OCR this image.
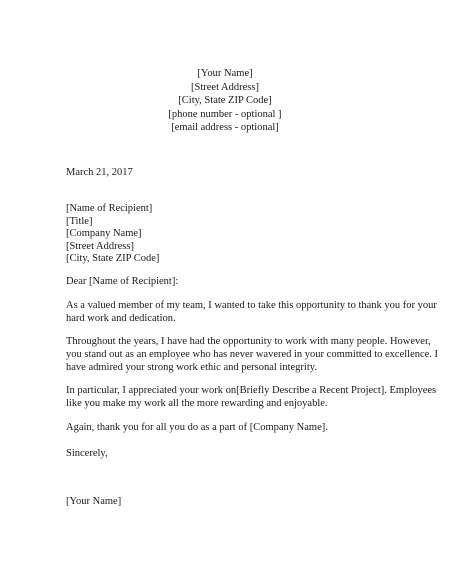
[Your Name]
[Street Address]
[City, State ZIP Code]
[phone number - optional ]
[email address - optional]
March 21, 2017
[Name of Recipient]
[Title]
[Company Name]
[Street Address]
[City, State ZIP Code]
Dear [Name of Recipient]:
As a valued member of my team, I wanted to take this opportunity to thank you for your
hard work and dedication.
Throughout the years, I have had the opportunity to work with many people. However,
you stand out as an employee who has never wavered in your committed to excellence. I
have admired your strong work ethic and personal integrity.
In particular, I appreciated your work on[Briefly Describe a Recent Project]. Employees
like you make my work all the more rewarding and enjoyable.
Again, thank you for all you do as a part of [Company Name].
Sincerely,
[Your Name]
